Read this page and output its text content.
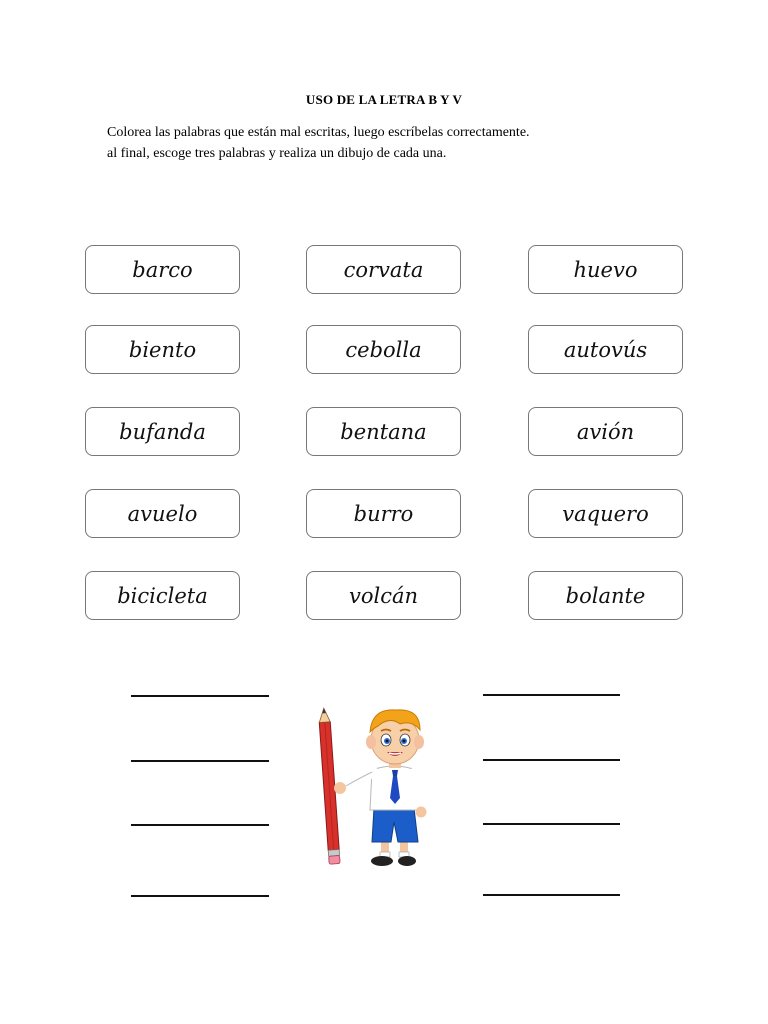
USO DE LA LETRA B Y V
Colorea las palabras que están mal escritas, luego escríbelas correctamente.
al final, escoge tres palabras y realiza un dibujo de cada una.
barco	corvata	huevo
biento	cebolla	autovús
bufanda	bentana	avión
avuelo	burro	vaquero
bicicleta	volcán	bolante
